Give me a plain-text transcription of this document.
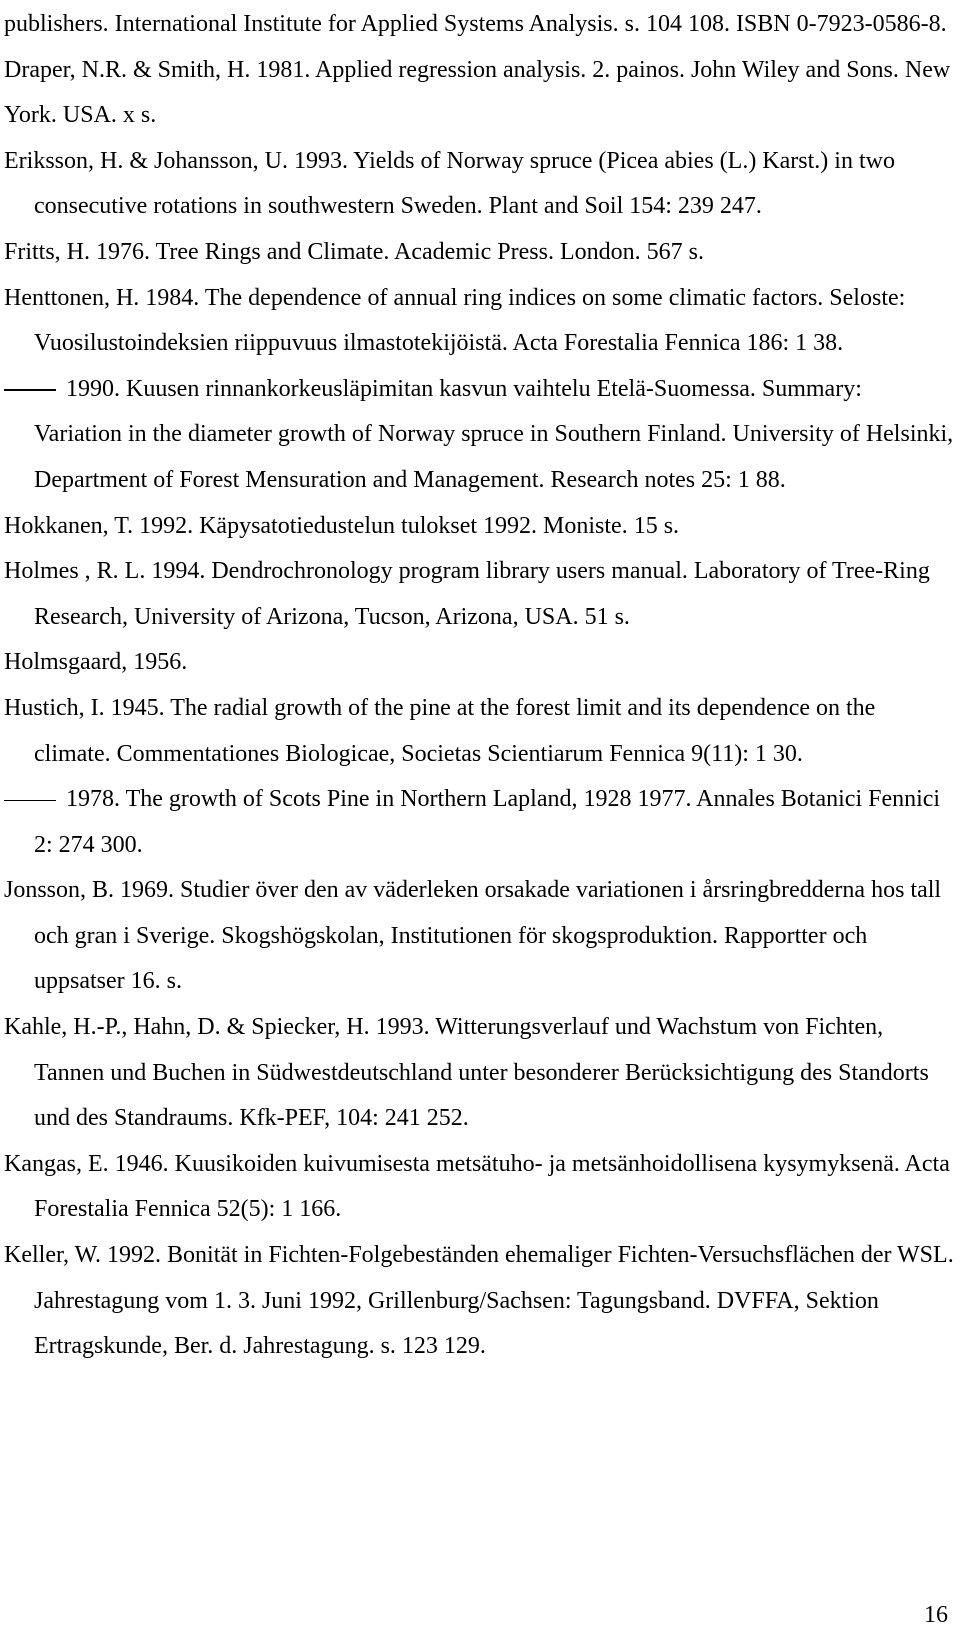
publishers. International Institute for Applied Systems Analysis. s. 104 108. ISBN 0-7923-0586-8.

Draper, N.R. & Smith, H. 1981. Applied regression analysis. 2. painos. John Wiley and Sons. New York. USA. x s.

Eriksson, H. & Johansson, U. 1993. Yields of Norway spruce (Picea abies (L.) Karst.) in two consecutive rotations in southwestern Sweden. Plant and Soil 154: 239 247.

Fritts, H. 1976. Tree Rings and Climate. Academic Press. London. 567 s.

Henttonen, H. 1984. The dependence of annual ring indices on some climatic factors. Seloste: Vuosilustoindeksien riippuvuus ilmastotekijöistä. Acta Forestalia Fennica 186: 1 38.

1990. Kuusen rinnankorkeusläpimitan kasvun vaihtelu Etelä-Suomessa. Summary: Variation in the diameter growth of Norway spruce in Southern Finland. University of Helsinki, Department of Forest Mensuration and Management. Research notes 25: 1 88.

Hokkanen, T. 1992. Käpysatotiedustelun tulokset 1992. Moniste. 15 s.

Holmes , R. L. 1994. Dendrochronology program library users manual. Laboratory of Tree-Ring Research, University of Arizona, Tucson, Arizona, USA. 51 s.

Holmsgaard, 1956.

Hustich, I. 1945. The radial growth of the pine at the forest limit and its dependence on the climate. Commentationes Biologicae, Societas Scientiarum Fennica 9(11): 1 30.

1978. The growth of Scots Pine in Northern Lapland, 1928 1977. Annales Botanici Fennici 2: 274 300.

Jonsson, B. 1969. Studier över den av väderleken orsakade variationen i årsringbredderna hos tall och gran i Sverige. Skogshögskolan, Institutionen för skogsproduktion. Rapportter och uppsatser 16. s.

Kahle, H.-P., Hahn, D. & Spiecker, H. 1993. Witterungsverlauf und Wachstum von Fichten, Tannen und Buchen in Südwestdeutschland unter besonderer Berücksichtigung des Standorts und des Standraums. Kfk-PEF, 104: 241 252.

Kangas, E. 1946. Kuusikoiden kuivumisesta metsätuho- ja metsänhoidollisena kysymyksenä. Acta Forestalia Fennica 52(5): 1 166.

Keller, W. 1992. Bonität in Fichten-Folgebeständen ehemaliger Fichten-Versuchsflächen der WSL. Jahrestagung vom 1. 3. Juni 1992, Grillenburg/Sachsen: Tagungsband. DVFFA, Sektion Ertragskunde, Ber. d. Jahrestagung. s. 123 129.

16
